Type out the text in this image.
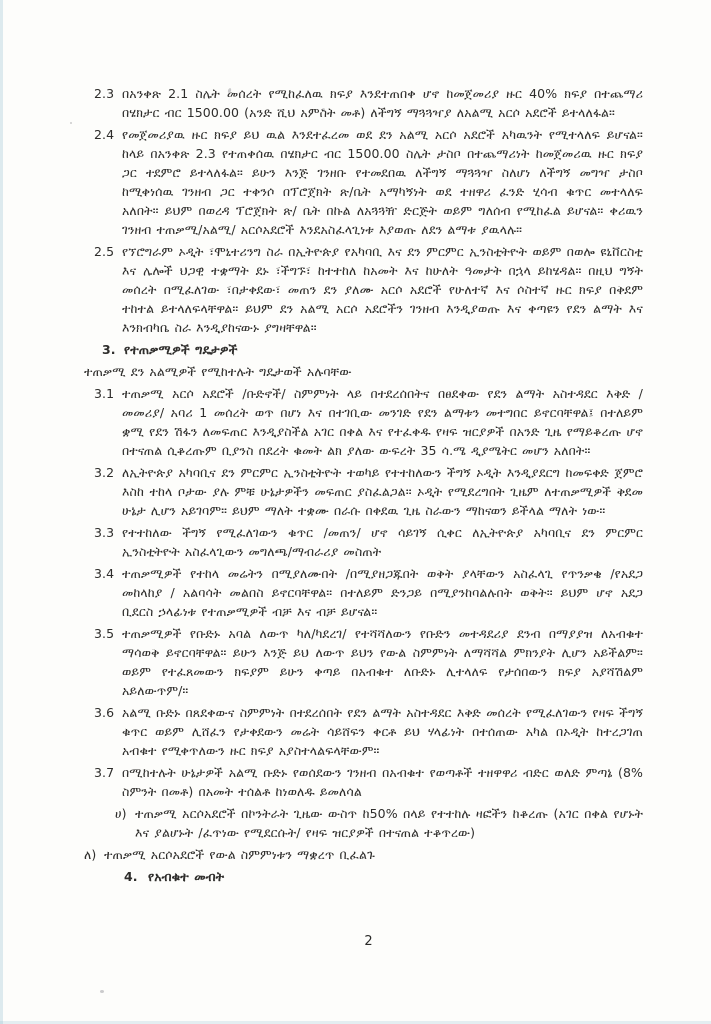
2.3 በአንቀጽ 2.1 ስሌት መሰረት የሚከፈለዉ ክፍያ እንደተጠበቀ ሆኖ ከመጀመሪያ ዙር 40% ክፍያ በተጨማሪ በሄክታር ብር 1500.00 (አንድ ሺህ አምስት መቶ) ለችግኝ ማጓጓዣያ ለአልሚ አርሶ አደሮች ይተላለፋል።
2.4 የመጀመሪያዉ ዙር ክፍያ ይህ ዉል እንደተፈረመ ወደ ደን አልሚ አርሶ አደሮች አካዉንት የሚተላለፍ ይሆናል። ከላይ በአንቀጽ 2.3 የተጠቀሰዉ በሄክታር ብር 1500.00 ስሌት ታስቦ በተጨማሪነት ከመጀመሪዉ ዙር ክፍያ ጋር ተደምሮ ይተላለፋል። ይሁን እንጅ ገንዘቡ የተመደበዉ ለችግኝ ማጓጓዣ ስለሆነ ለችግኝ መግዣ ታስቦ ከሚቀነሰዉ ገንዘብ ጋር ተቀንሶ በፕሮጀክት ጽ/ቤት አማካኝነት ወደ ተዘዋሪ ፈንድ ሂሳብ ቁጥር መተላለፍ አለበት። ይህም በወረዳ ፕሮጀክት ጽ/ ቤት በኩል ለአጓጓዥ ድርጅት ወይም ግለሰብ የሚከፈል ይሆናል። ቀሪዉን ገንዘብ ተጠቃሚ/አልሚ/ አርሶአደሮች እንደአስፈላጊነቱ እያወጡ ለደን ልማቱ ያዉላሉ።
2.5 የኘሮግራም ኦዲት ፣ሞኒተሪንግ ስራ በኢትዮጵያ የአካባቢ እና ደን ምርምር ኢንስቲትዮት ወይም በወሎ ዩኒቨርስቲ እና ሌሎች ህጋዊ ተቋማት ደኑ ፣ችግኙ፣ ከተተከለ ከአመት እና ከሁለት ዓመታት በኋላ ይከሄዳል። በዚህ ግኝት መሰረት በሚፈለገው ፣በታቀደው፣ መጠን ደን ያለሙ አርሶ አደሮች የሁለተኛ እና ሶስተኛ ዙር ክፍያ በቅደም ተከተል ይተላለፍላቸዋል። ይህም ደን አልሚ አርሶ አደሮችን ገንዘብ እንዲያወጡ እና ቀጣዩን የደን ልማት እና እንክብካቤ ስራ እንዲያከናውኑ ያግዛቸዋል።
3. የተጠቃሚዎች ግዴታዎች
ተጠቃሚ ደን አልሚዎች የሚከተሉት ግዴታወች አሉባቸው
3.1 ተጠቃሚ አርሶ አደሮች /ቡድኖች/ ስምምነት ላይ በተደረሰበትና በፀደቀው የደን ልማት አስተዳደር እቅድ /መመሪያ/ አባሪ 1 መሰረት ወጥ በሆነ እና በተገቢው መንገድ የደን ልማቱን መተግበር ይኖርባቸዋል፤ በተለይም ቋሚ የደን ሽፋን ለመፍጠር እንዲያስችል አገር በቀል እና የተፈቀዱ የዛፍ ዝርያዎች በአንድ ጊዜ የማይቆረጡ ሆኖ በተናጠል ሲቆረጡም ቢያንስ በደረት ቁመት ልክ ያለው ውፍረት 35 ሳ.ሜ ዲያሜትር መሆን አለበት።
3.2 ለኢትዮጵያ አካባቢና ደን ምርምር ኢንስቲትዮት ተወካይ የተተከለውን ችግኝ ኦዲት እንዲያደርግ ከመፍቀድ ጀምሮ እስከ ተከላ ቦታው ያሉ ምቹ ሁኔታዎችን መፍጠር ያስፈልጋል። ኦዲት የሚደረግበት ጊዜም ለተጠቃሚዎች ቅደመ ሁኔታ ሊሆን አይገባም። ይህም ማለት ተቋሙ በራሱ በቀደዉ ጊዜ ስራውን ማከናወን ይችላል ማለት ነው።
3.3 የተተከለው ችግኝ የሚፈለገውን ቁጥር /መጠን/ ሆኖ ሳይገኝ ሲቀር ለኢትዮጵያ አካባቢና ደን ምርምር ኢንስቲትዮት አስፈላጊውን መግለጫ/ማብራሪያ መስጠት
3.4 ተጠቃሚዎች የተከላ መሬትን በሚያለሙበት /በሚያዘጋጁበት ወቅት ያላቸውን አስፈላጊ የጥንቃቄ /የአደጋ መከላከያ / አልባሳት መልበስ ይኖርባቸዋል። በተለይም ድንጋይ በሚያንከባልሉበት ወቅት። ይህም ሆኖ አደጋ ቢደርስ ኃላፊነቱ የተጠቃሚዎች ብቻ እና ብቻ ይሆናል።
3.5 ተጠቃሚዎች የቡድኑ አባል ለውጥ ካለ/ካደረገ/ የተሻሻለውን የቡድን መተዳደሪያ ደንብ በማያያዝ ለአብቁተ ማሳወቅ ይኖርባቸዋል። ይሁን እንጅ ይህ ለውጥ ይህን የውል ስምምነት ለማሻሻል ምክንያት ሊሆን አይችልም። ወይም የተፈጸመውን ክፍያም ይሁን ቀጣይ በአብቁተ ለቡድኑ ሊተላለፍ የታሰበውን ክፍያ አያሻሽልም አይለውጥም/።
3.6 አልሚ ቡድኑ በጸደቀውና ስምምነት በተደረሰበት የደን ልማት አስተዳደር እቅድ መሰረት የሚፈለገውን የዛፍ ችግኝ ቁጥር ወይም ሊሸፈን የታቀደውን መሬት ሳይሸፍን ቀርቶ ይህ ሃላፊነት በተሰጠው አካል በኦዲት ከተረጋገጠ አብቁተ የሚቀጥለውን ዙር ክፍያ አያስተላልፍላቸውም።
3.7 በሚከተሉት ሁኔታዎች አልሚ ቡድኑ የወሰደውን ገንዘብ በአብቁተ የወጣቶች ተዘዋዋሪ ብድር ወለድ ምጣኔ (8% ስምንት በመቶ) በአመት ተሰልቶ ከነወለዱ ይመለሳል
ሀ) ተጠቃሚ አርሶአደሮች በኮንትራት ጊዜው ውስጥ ከ50% በላይ የተተከሉ ዛፎችን ከቆረጡ (አገር በቀል የሆኑት እና ያልሆኑት /ፈጥነው የሚደርሱት/ የዛፍ ዝርያዎች በተናጠል ተቆጥረው)
ለ) ተጠቃሚ አርሶአደሮች የውል ስምምነቱን ማቋረጥ ቢፈልጉ
4. የአብቁተ መብት
2
